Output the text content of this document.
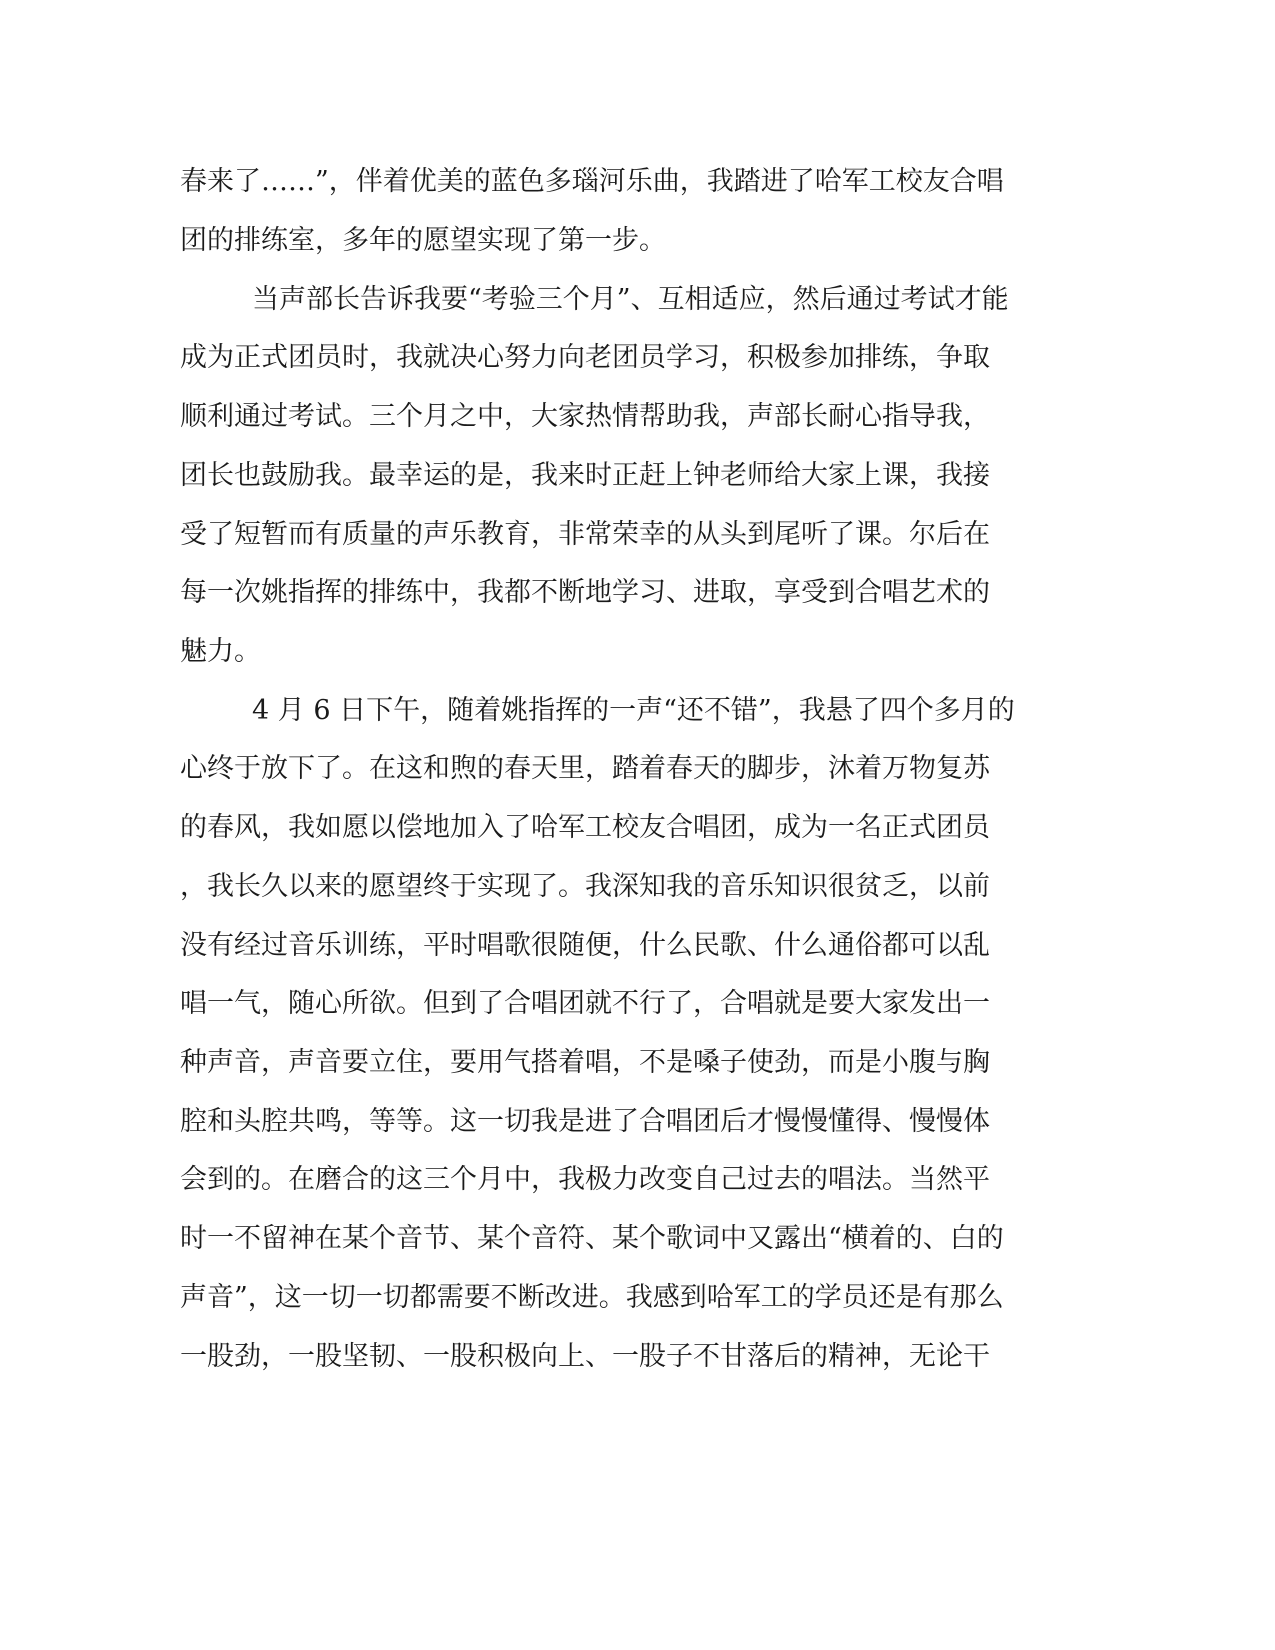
春来了……”，伴着优美的蓝色多瑙河乐曲，我踏进了哈军工校友合唱
团的排练室，多年的愿望实现了第一步。
当声部长告诉我要“考验三个月”、互相适应，然后通过考试才能
成为正式团员时，我就决心努力向老团员学习，积极参加排练，争取
顺利通过考试。三个月之中，大家热情帮助我，声部长耐心指导我，
团长也鼓励我。最幸运的是，我来时正赶上钟老师给大家上课，我接
受了短暂而有质量的声乐教育，非常荣幸的从头到尾听了课。尔后在
每一次姚指挥的排练中，我都不断地学习、进取，享受到合唱艺术的
魅力。
4 月 6 日下午，随着姚指挥的一声“还不错”，我悬了四个多月的
心终于放下了。在这和煦的春天里，踏着春天的脚步，沐着万物复苏
的春风，我如愿以偿地加入了哈军工校友合唱团，成为一名正式团员
，我长久以来的愿望终于实现了。我深知我的音乐知识很贫乏，以前
没有经过音乐训练，平时唱歌很随便，什么民歌、什么通俗都可以乱
唱一气，随心所欲。但到了合唱团就不行了，合唱就是要大家发出一
种声音，声音要立住，要用气搭着唱，不是嗓子使劲，而是小腹与胸
腔和头腔共鸣，等等。这一切我是进了合唱团后才慢慢懂得、慢慢体
会到的。在磨合的这三个月中，我极力改变自己过去的唱法。当然平
时一不留神在某个音节、某个音符、某个歌词中又露出“横着的、白的
声音”，这一切一切都需要不断改进。我感到哈军工的学员还是有那么
一股劲，一股坚韧、一股积极向上、一股子不甘落后的精神，无论干
